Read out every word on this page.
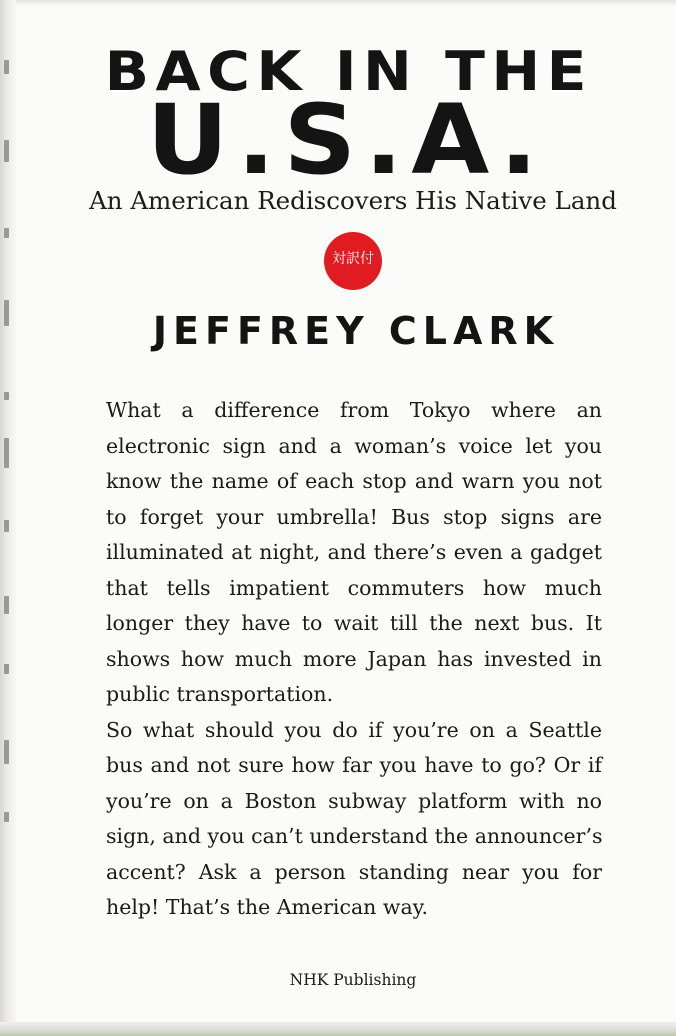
BACK IN THE
U.S.A.
An American Rediscovers His Native Land
対訳付
JEFFREY CLARK
What a difference from Tokyo where an
electronic sign and a woman’s voice let you
know the name of each stop and warn you not
to forget your umbrella! Bus stop signs are
illuminated at night, and there’s even a gadget
that tells impatient commuters how much
longer they have to wait till the next bus. It
shows how much more Japan has invested in
public transportation.
So what should you do if you’re on a Seattle
bus and not sure how far you have to go? Or if
you’re on a Boston subway platform with no
sign, and you can’t understand the announcer’s
accent? Ask a person standing near you for
help! That’s the American way.
NHK Publishing
